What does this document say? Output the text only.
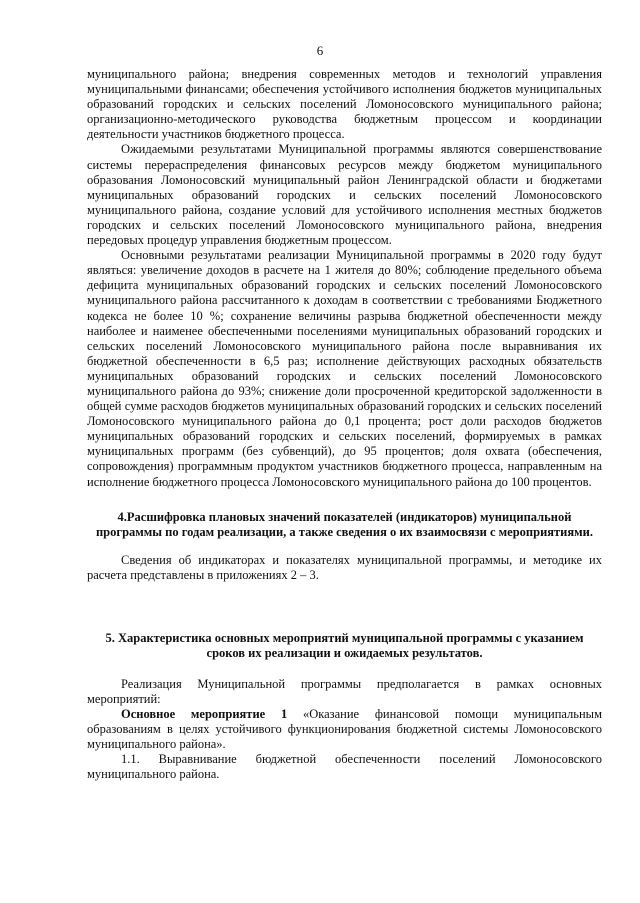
6

муниципального района; внедрения современных методов и технологий управления муниципальными финансами; обеспечения устойчивого исполнения бюджетов муниципальных образований городских и сельских поселений Ломоносовского муниципального района; организационно-методического руководства бюджетным процессом и координации деятельности участников бюджетного процесса.

Ожидаемыми результатами Муниципальной программы являются совершенствование системы перераспределения финансовых ресурсов между бюджетом муниципального образования Ломоносовский муниципальный район Ленинградской области и бюджетами муниципальных образований городских и сельских поселений Ломоносовского муниципального района, создание условий для устойчивого исполнения местных бюджетов городских и сельских поселений Ломоносовского муниципального района, внедрения передовых процедур управления бюджетным процессом.

Основными результатами реализации Муниципальной программы в 2020 году будут являться: увеличение доходов в расчете на 1 жителя до 80%; соблюдение предельного объема дефицита муниципальных образований городских и сельских поселений Ломоносовского муниципального района рассчитанного к доходам в соответствии с требованиями Бюджетного кодекса не более 10 %; сохранение величины разрыва бюджетной обеспеченности между наиболее и наименее обеспеченными поселениями муниципальных образований городских и сельских поселений Ломоносовского муниципального района после выравнивания их бюджетной обеспеченности в 6,5 раз; исполнение действующих расходных обязательств муниципальных образований городских и сельских поселений Ломоносовского муниципального района до 93%; снижение доли просроченной кредиторской задолженности в общей сумме расходов бюджетов муниципальных образований городских и сельских поселений Ломоносовского муниципального района до 0,1 процента; рост доли расходов бюджетов муниципальных образований городских и сельских поселений, формируемых в рамках муниципальных программ (без субвенций), до 95 процентов; доля охвата (обеспечения, сопровождения) программным продуктом участников бюджетного процесса, направленным на исполнение бюджетного процесса Ломоносовского муниципального района до 100 процентов.

4.Расшифровка плановых значений показателей (индикаторов) муниципальной программы по годам реализации, а также сведения о их взаимосвязи с мероприятиями.

Сведения об индикаторах и показателях муниципальной программы, и методике их расчета представлены в приложениях 2 – 3.

5. Характеристика основных мероприятий муниципальной программы с указанием сроков их реализации и ожидаемых результатов.

Реализация Муниципальной программы предполагается в рамках основных мероприятий:

Основное мероприятие 1 «Оказание финансовой помощи муниципальным образованиям в целях устойчивого функционирования бюджетной системы Ломоносовского муниципального района».

1.1. Выравнивание бюджетной обеспеченности поселений Ломоносовского муниципального района.
